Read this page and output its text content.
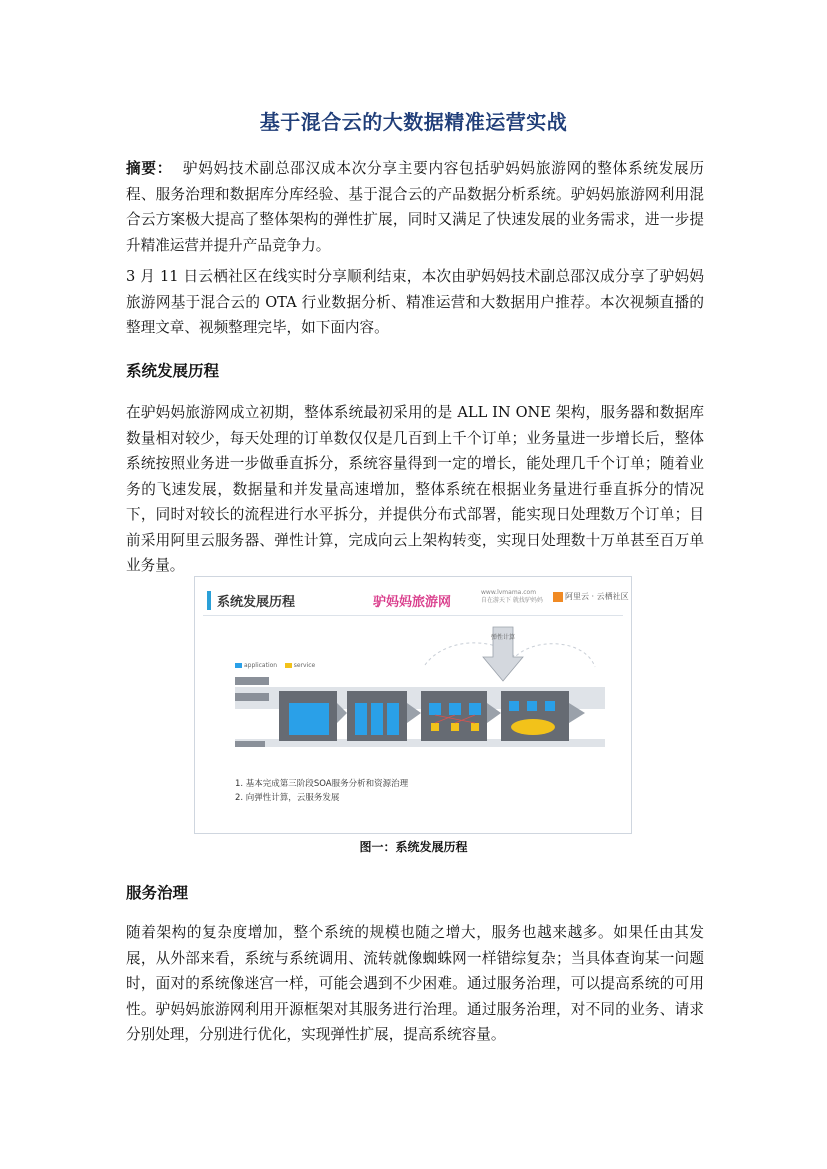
基于混合云的大数据精准运营实战
摘要： 驴妈妈技术副总邵汉成本次分享主要内容包括驴妈妈旅游网的整体系统发展历程、服务治理和数据库分库经验、基于混合云的产品数据分析系统。驴妈妈旅游网利用混合云方案极大提高了整体架构的弹性扩展，同时又满足了快速发展的业务需求，进一步提升精准运营并提升产品竞争力。
3 月 11 日云栖社区在线实时分享顺利结束，本次由驴妈妈技术副总邵汉成分享了驴妈妈旅游网基于混合云的 OTA 行业数据分析、精准运营和大数据用户推荐。本次视频直播的整理文章、视频整理完毕，如下面内容。
系统发展历程
在驴妈妈旅游网成立初期，整体系统最初采用的是 ALL IN ONE 架构，服务器和数据库数量相对较少，每天处理的订单数仅仅是几百到上千个订单；业务量进一步增长后，整体系统按照业务进一步做垂直拆分，系统容量得到一定的增长，能处理几千个订单；随着业务的飞速发展，数据量和并发量高速增加，整体系统在根据业务量进行垂直拆分的情况下，同时对较长的流程进行水平拆分，并提供分布式部署，能实现日处理数万个订单；目前采用阿里云服务器、弹性计算，完成向云上架构转变，实现日处理数十万单甚至百万单业务量。
系统发展历程	驴妈妈旅游网
www.lvmama.com
自在游天下 就找驴妈妈	阿里云 · 云栖社区
弹性计算
application	service
1. 基本完成第三阶段SOA服务分析和资源治理
2. 向弹性计算，云服务发展
图一：系统发展历程
服务治理
随着架构的复杂度增加，整个系统的规模也随之增大，服务也越来越多。如果任由其发展，从外部来看，系统与系统调用、流转就像蜘蛛网一样错综复杂；当具体查询某一问题时，面对的系统像迷宫一样，可能会遇到不少困难。通过服务治理，可以提高系统的可用性。驴妈妈旅游网利用开源框架对其服务进行治理。通过服务治理，对不同的业务、请求分别处理，分别进行优化，实现弹性扩展，提高系统容量。
